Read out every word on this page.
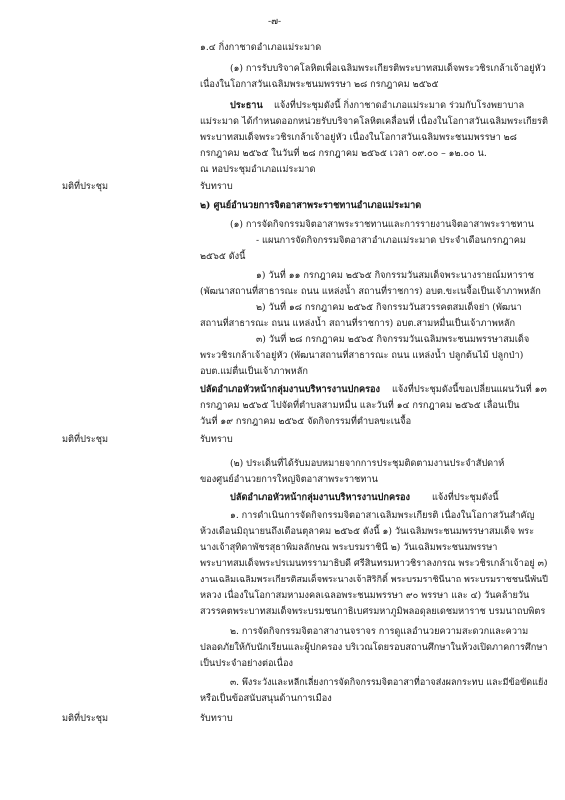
-๗-
๑.๔ กิ่งกาชาดอำเภอแม่ระมาด
(๑) การรับบริจาคโลหิตเพื่อเฉลิมพระเกียรติพระบาทสมเด็จพระวชิรเกล้าเจ้าอยู่หัว
เนื่องในโอกาสวันเฉลิมพระชนมพรรษา ๒๘ กรกฎาคม ๒๕๖๕
ประธาน แจ้งที่ประชุมดังนี้ กิ่งกาชาดอำเภอแม่ระมาด ร่วมกับโรงพยาบาล
แม่ระมาด ได้กำหนดออกหน่วยรับบริจาคโลหิตเคลื่อนที่ เนื่องในโอกาสวันเฉลิมพระเกียรติ
พระบาทสมเด็จพระวชิรเกล้าเจ้าอยู่หัว เนื่องในโอกาสวันเฉลิมพระชนมพรรษา ๒๘
กรกฎาคม ๒๕๖๕ ในวันที่ ๒๘ กรกฎาคม ๒๕๖๕ เวลา ๐๙.๐๐ – ๑๒.๐๐ น.
ณ หอประชุมอำเภอแม่ระมาด
มติที่ประชุม	รับทราบ
๒) ศูนย์อำนวยการจิตอาสาพระราชทานอำเภอแม่ระมาด
(๑) การจัดกิจกรรมจิตอาสาพระราชทานและการรายงานจิตอาสาพระราชทาน
- แผนการจัดกิจกรรมจิตอาสาอำเภอแม่ระมาด ประจำเดือนกรกฎาคม
๒๕๖๕ ดังนี้
๑) วันที่ ๑๑ กรกฎาคม ๒๕๖๕ กิจกรรมวันสมเด็จพระนางรายณ์มหาราช
(พัฒนาสถานที่สาธารณะ ถนน แหล่งน้ำ สถานที่ราชการ) อบต.ขะเนจื้อเป็นเจ้าภาพหลัก
๒) วันที่ ๑๘ กรกฎาคม ๒๕๖๕ กิจกรรมวันสวรรคตสมเด็จย่า (พัฒนา
สถานที่สาธารณะ ถนน แหล่งน้ำ สถานที่ราชการ) อบต.สามหมื่นเป็นเจ้าภาพหลัก
๓) วันที่ ๒๘ กรกฎาคม ๒๕๖๕ กิจกรรมวันเฉลิมพระชนมพรรษาสมเด็จ
พระวชิรเกล้าเจ้าอยู่หัว (พัฒนาสถานที่สาธารณะ ถนน แหล่งน้ำ ปลูกต้นไม้ ปลูกป่า)
อบต.แม่ตื่นเป็นเจ้าภาพหลัก
ปลัดอำเภอหัวหน้ากลุ่มงานบริหารงานปกครอง แจ้งที่ประชุมดังนี้ขอเปลี่ยนแผนวันที่ ๑๓
กรกฎาคม ๒๕๖๕ ไปจัดที่ตำบลสามหมื่น และวันที่ ๑๔ กรกฎาคม ๒๕๖๕ เลื่อนเป็น
วันที่ ๑๙ กรกฎาคม ๒๕๖๕ จัดกิจกรรมที่ตำบลขะเนจื้อ
มติที่ประชุม	รับทราบ
(๒) ประเด็นที่ได้รับมอบหมายจากการประชุมติดตามงานประจำสัปดาห์
ของศูนย์อำนวยการใหญ่จิตอาสาพระราชทาน
ปลัดอำเภอหัวหน้ากลุ่มงานบริหารงานปกครอง แจ้งที่ประชุมดังนี้
๑. การดำเนินการจัดกิจกรรมจิตอาสาเฉลิมพระเกียรติ เนื่องในโอกาสวันสำคัญ
ห้วงเดือนมิถุนายนถึงเดือนตุลาคม ๒๕๖๕ ดังนี้ ๑) วันเฉลิมพระชนมพรรษาสมเด็จ พระ
นางเจ้าสุทิดาพัชรสุธาพิมลลักษณ พระบรมราชินี ๒) วันเฉลิมพระชนมพรรษา
พระบาทสมเด็จพระปรเมนทรรามาธิบดี ศรีสินทรมหาวชิราลงกรณ พระวชิรเกล้าเจ้าอยู่ ๓)
งานเฉลิมเฉลิมพระเกียรติสมเด็จพระนางเจ้าสิริกิติ์ พระบรมราชินีนาถ พระบรมราชชนนีพันปี
หลวง เนื่องในโอกาสมหามงคลเฉลอพระชนมพรรษา ๙๐ พรรษา และ ๔) วันคล้ายวัน
สวรรคตพระบาทสมเด็จพระบรมชนกาธิเบศรมหาภูมิพลอดุลยเดชมหาราช บรมนาถบพิตร
๒. การจัดกิจกรรมจิตอาสางานจราจร การดูแลอำนวยความสะดวกและความ
ปลอดภัยให้กับนักเรียนและผู้ปกครอง บริเวณโดยรอบสถานศึกษาในห้วงเปิดภาคการศึกษา
เป็นประจำอย่างต่อเนื่อง
๓. พึงระวังและหลีกเลี่ยงการจัดกิจกรรมจิตอาสาที่อาจส่งผลกระทบ และมีข้อขัดแย้ง
หรือเป็นข้อสนับสนุนด้านการเมือง
มติที่ประชุม	รับทราบ
